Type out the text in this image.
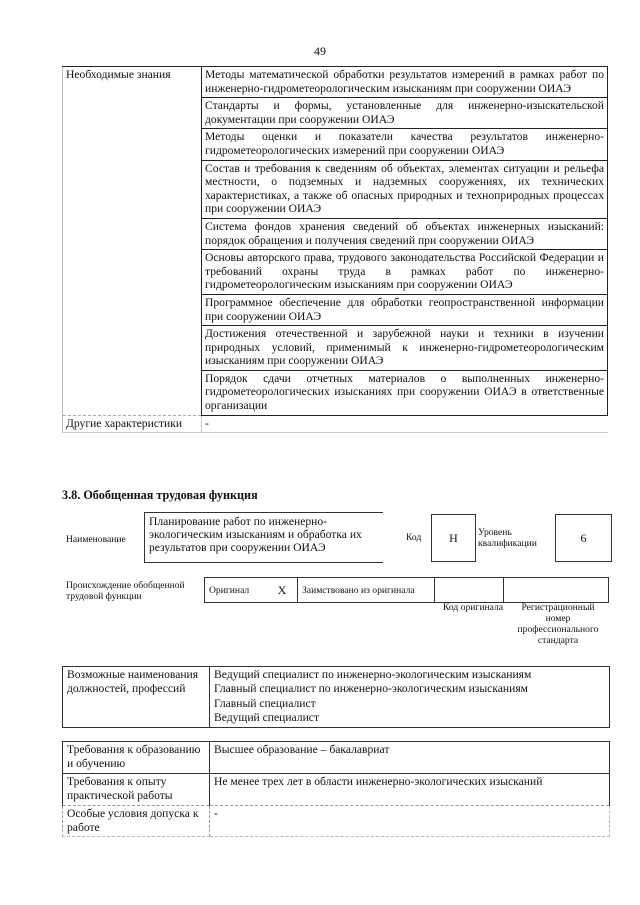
49
Необходимые знания	Методы математической обработки результатов измерений в рамках работ по инженерно-гидрометеорологическим изысканиям при сооружении ОИАЭ
	Стандарты и формы, установленные для инженерно-изыскательской документации при сооружении ОИАЭ
	Методы оценки и показатели качества результатов инженерно-гидрометеорологических измерений при сооружении ОИАЭ
	Состав и требования к сведениям об объектах, элементах ситуации и рельефа местности, о подземных и надземных сооружениях, их технических характеристиках, а также об опасных природных и техноприродных процессах при сооружении ОИАЭ
	Система фондов хранения сведений об объектах инженерных изысканий: порядок обращения и получения сведений при сооружении ОИАЭ
	Основы авторского права, трудового законодательства Российской Федерации и требований охраны труда в рамках работ по инженерно-гидрометеорологическим изысканиям при сооружении ОИАЭ
	Программное обеспечение для обработки геопространственной информации при сооружении ОИАЭ
	Достижения отечественной и зарубежной науки и техники в изучении природных условий, применимый к инженерно-гидрометеорологическим изысканиям при сооружении ОИАЭ
	Порядок сдачи отчетных материалов о выполненных инженерно-гидрометеорологических изысканиях при сооружении ОИАЭ в ответственные организации
Другие характеристики	-
3.8. Обобщенная трудовая функция
Наименование
Планирование работ по инженерно-экологическим изысканиям и обработка их результатов при сооружении ОИАЭ
Код	Н	Уровень квалификации	6
Происхождение обобщенной трудовой функции
Оригинал	X	Заимствовано из оригинала		
Код оригинала	Регистрационный номер профессионального стандарта
Возможные наименования должностей, профессий	
Ведущий специалист по инженерно-экологическим изысканиям
Главный специалист по инженерно-экологическим изысканиям
Главный специалист
Ведущий специалист
Требования к образованию и обучению	Высшее образование – бакалавриат
Требования к опыту практической работы	Не менее трех лет в области инженерно-экологических изысканий
Особые условия допуска к работе	-
